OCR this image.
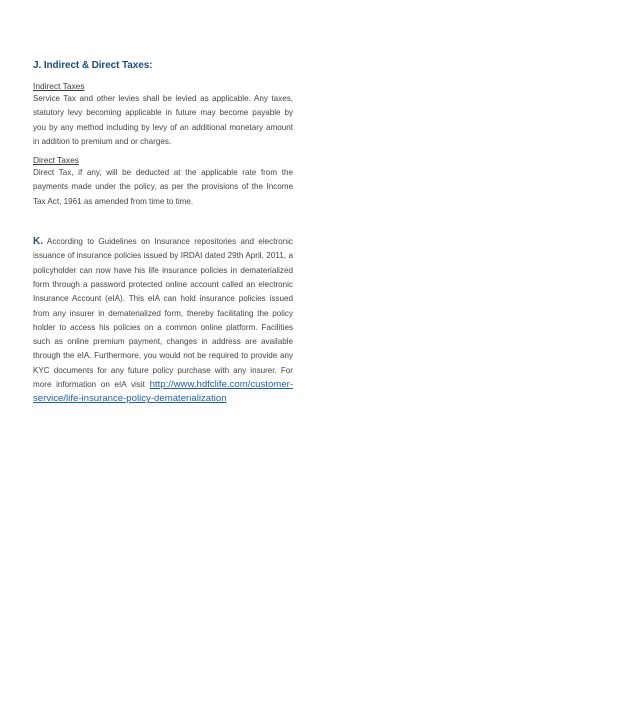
J. Indirect & Direct Taxes:
Indirect Taxes

Service Tax and other levies shall be levied as applicable. Any taxes, statutory levy becoming applicable in future may become payable by you by any method including by levy of an additional monetary amount in addition to premium and or charges.

Direct Taxes

Direct Tax, if any, will be deducted at the applicable rate from the payments made under the policy, as per the provisions of the Income Tax Act, 1961 as amended from time to time.

K. According to Guidelines on Insurance repositories and electronic issuance of insurance policies issued by IRDAI dated 29th April, 2011, a policyholder can now have his life insurance policies in dematerialized form through a password protected online account called an electronic Insurance Account (eIA). This eIA can hold insurance policies issued from any insurer in dematerialized form, thereby facilitating the policy holder to access his policies on a common online platform. Facilities such as online premium payment, changes in address are available through the eIA. Furthermore, you would not be required to provide any KYC documents for any future policy purchase with any insurer. For more information on eIA visit http://www.hdfclife.com/customer-service/life-insurance-policy-dematerialization
